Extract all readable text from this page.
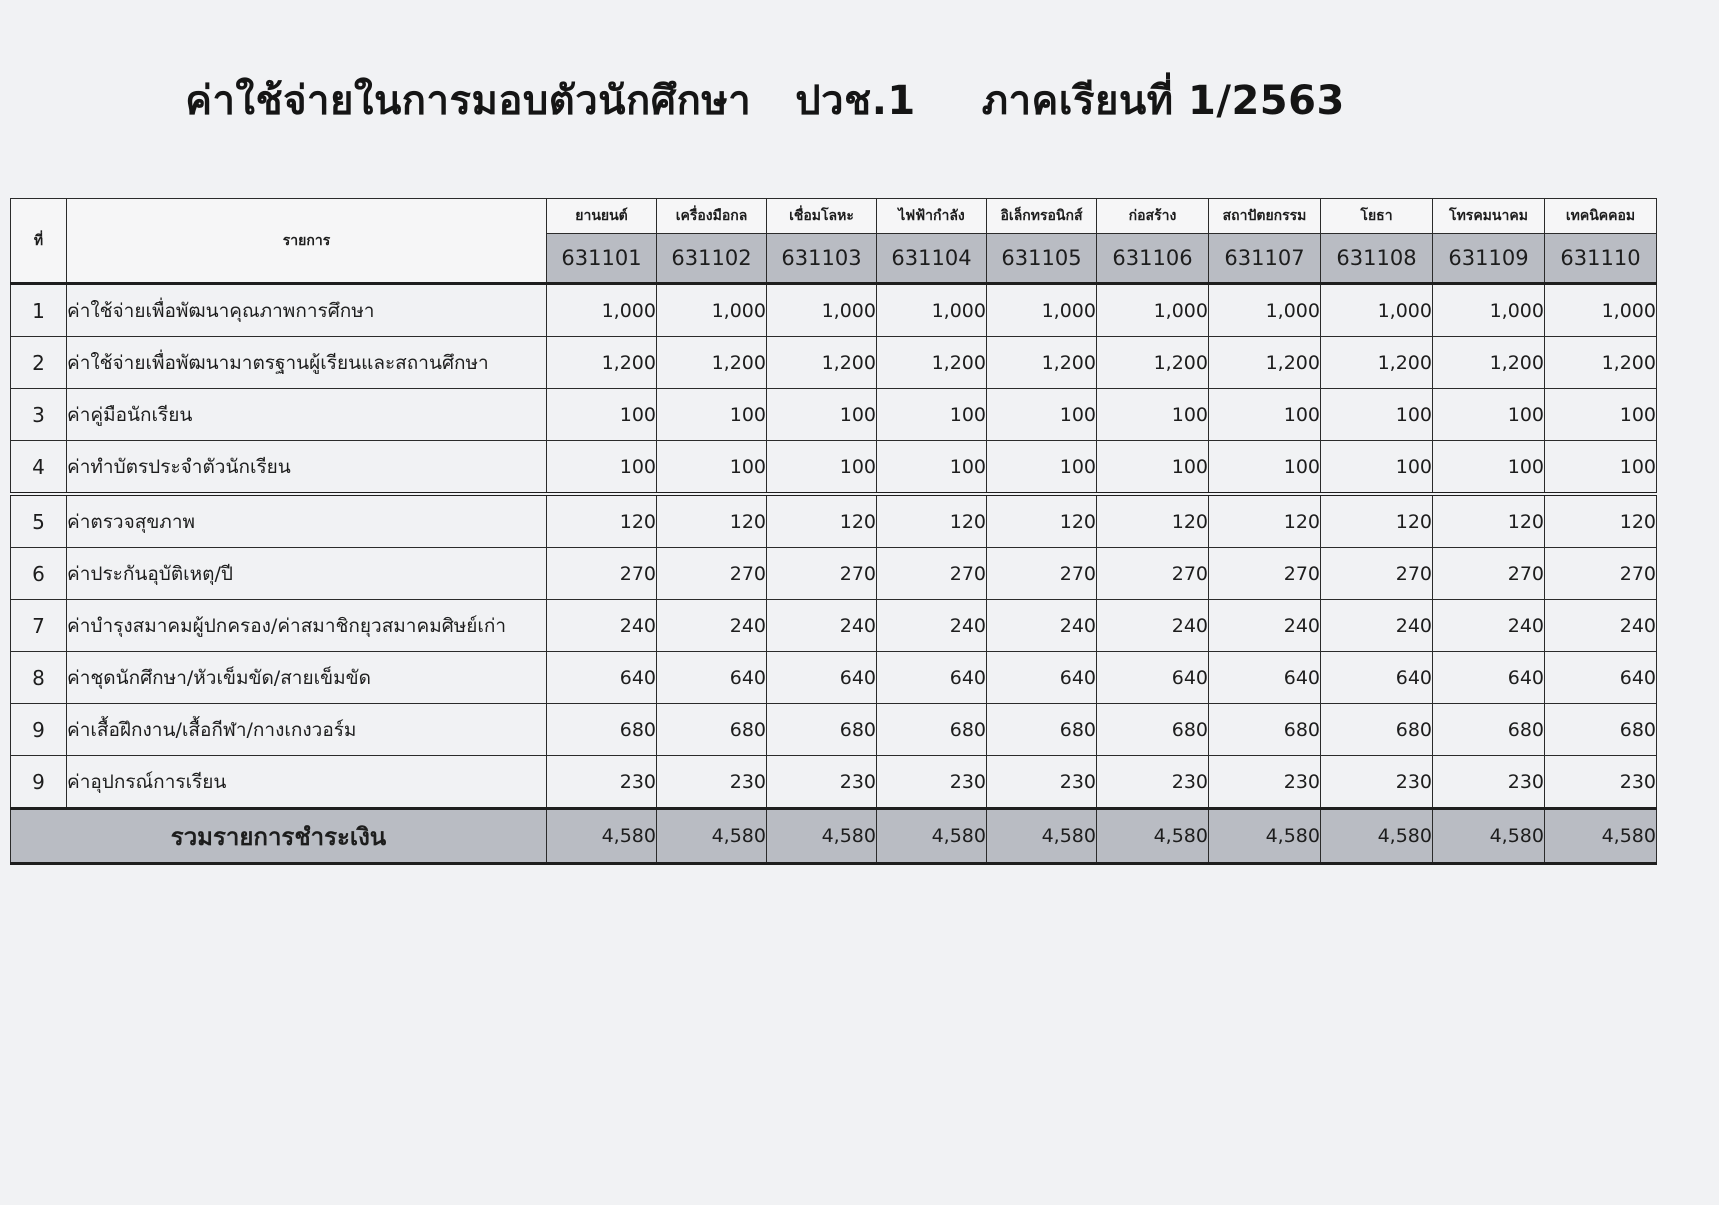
ค่าใช้จ่ายในการมอบตัวนักศึกษา ปวช.1 ภาคเรียนที่ 1/2563
ที่	รายการ	ยานยนต์	เครื่องมือกล	เชื่อมโลหะ	ไฟฟ้ากำลัง	อิเล็กทรอนิกส์	ก่อสร้าง	สถาปัตยกรรม	โยธา	โทรคมนาคม	เทคนิคคอม
		631101	631102	631103	631104	631105	631106	631107	631108	631109	631110
1	ค่าใช้จ่ายเพื่อพัฒนาคุณภาพการศึกษา	1,000	1,000	1,000	1,000	1,000	1,000	1,000	1,000	1,000	1,000
2	ค่าใช้จ่ายเพื่อพัฒนามาตรฐานผู้เรียนและสถานศึกษา	1,200	1,200	1,200	1,200	1,200	1,200	1,200	1,200	1,200	1,200
3	ค่าคู่มือนักเรียน	100	100	100	100	100	100	100	100	100	100
4	ค่าทำบัตรประจำตัวนักเรียน	100	100	100	100	100	100	100	100	100	100
5	ค่าตรวจสุขภาพ	120	120	120	120	120	120	120	120	120	120
6	ค่าประกันอุบัติเหตุ/ปี	270	270	270	270	270	270	270	270	270	270
7	ค่าบำรุงสมาคมผู้ปกครอง/ค่าสมาชิกยุวสมาคมศิษย์เก่า	240	240	240	240	240	240	240	240	240	240
8	ค่าชุดนักศึกษา/หัวเข็มขัด/สายเข็มขัด	640	640	640	640	640	640	640	640	640	640
9	ค่าเสื้อฝึกงาน/เสื้อกีฬา/กางเกงวอร์ม	680	680	680	680	680	680	680	680	680	680
9	ค่าอุปกรณ์การเรียน	230	230	230	230	230	230	230	230	230	230
รวมรายการชำระเงิน		4,580	4,580	4,580	4,580	4,580	4,580	4,580	4,580	4,580	4,580
